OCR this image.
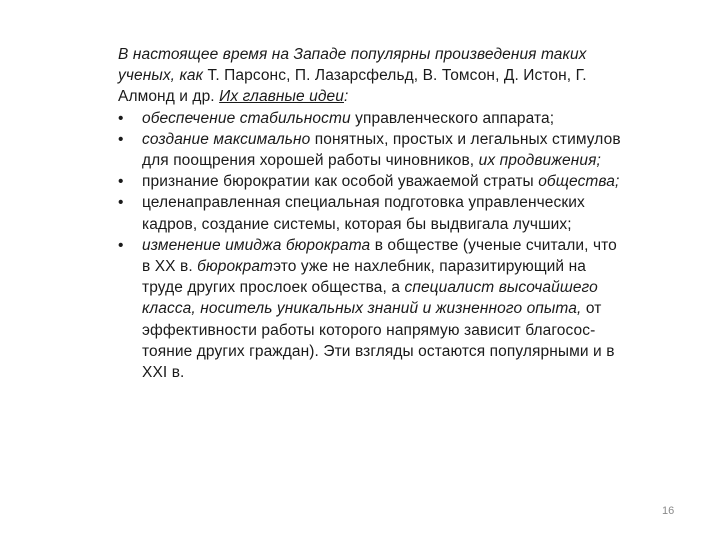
В настоящее время на Западе популярны произведения таких ученых, как Т. Парсонс, П. Лазарсфельд, В. Томсон, Д. Истон, Г. Алмонд и др. Их главные идеи:

• обеспечение стабильности управленческого аппарата;
• создание максимально понятных, простых и легальных стимулов для поощрения хорошей работы чиновников, их продвижения;
• признание бюрократии как особой уважаемой страты общества;
• целенаправленная специальная подготовка управленческих кадров, создание системы, которая бы выдвигала лучших;
• изменение имиджа бюрократа в обществе (ученые считали, что в XX в. бюрократэто уже не нахлебник, паразитирующий на труде других прослоек общества, а специалист высочайшего класса, носитель уникальных знаний и жизненного опыта, от эффективности работы которого напрямую зависит благосос-тояние других граждан). Эти взгляды остаются популярными и в XXI в.
16
